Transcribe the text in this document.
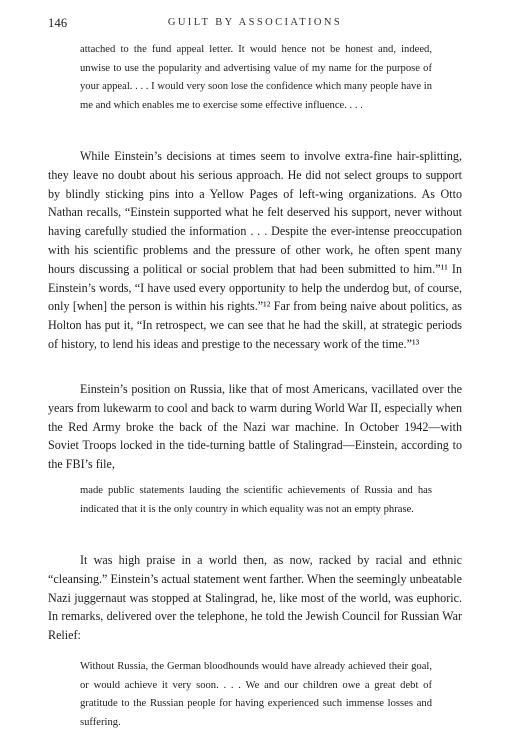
146	GUILT BY ASSOCIATIONS

attached to the fund appeal letter. It would hence not be honest and, indeed, unwise to use the popularity and advertising value of my name for the purpose of your appeal. . . . I would very soon lose the confidence which many people have in me and which enables me to exercise some effective influence. . . .

While Einstein’s decisions at times seem to involve extra-fine hair-splitting, they leave no doubt about his serious approach. He did not select groups to support by blindly sticking pins into a Yellow Pages of left-wing organizations. As Otto Nathan recalls, “Einstein supported what he felt deserved his support, never without having carefully studied the information . . . Despite the ever-intense preoccupation with his scientific problems and the pressure of other work, he often spent many hours discussing a political or social problem that had been submitted to him.”¹¹ In Einstein’s words, “I have used every opportunity to help the underdog but, of course, only [when] the person is within his rights.”¹² Far from being naive about politics, as Holton has put it, “In retrospect, we can see that he had the skill, at strategic periods of history, to lend his ideas and prestige to the necessary work of the time.”¹³

Einstein’s position on Russia, like that of most Americans, vacillated over the years from lukewarm to cool and back to warm during World War II, especially when the Red Army broke the back of the Nazi war machine. In October 1942—with Soviet Troops locked in the tide-turning battle of Stalingrad—Einstein, according to the FBI’s file,

made public statements lauding the scientific achievements of Russia and has indicated that it is the only country in which equality was not an empty phrase.

It was high praise in a world then, as now, racked by racial and ethnic “cleansing.” Einstein’s actual statement went farther. When the seemingly unbeatable Nazi juggernaut was stopped at Stalingrad, he, like most of the world, was euphoric. In remarks, delivered over the telephone, he told the Jewish Council for Russian War Relief:

Without Russia, the German bloodhounds would have already achieved their goal, or would achieve it very soon. . . . We and our children owe a great debt of gratitude to the Russian people for having experienced such immense losses and suffering.
